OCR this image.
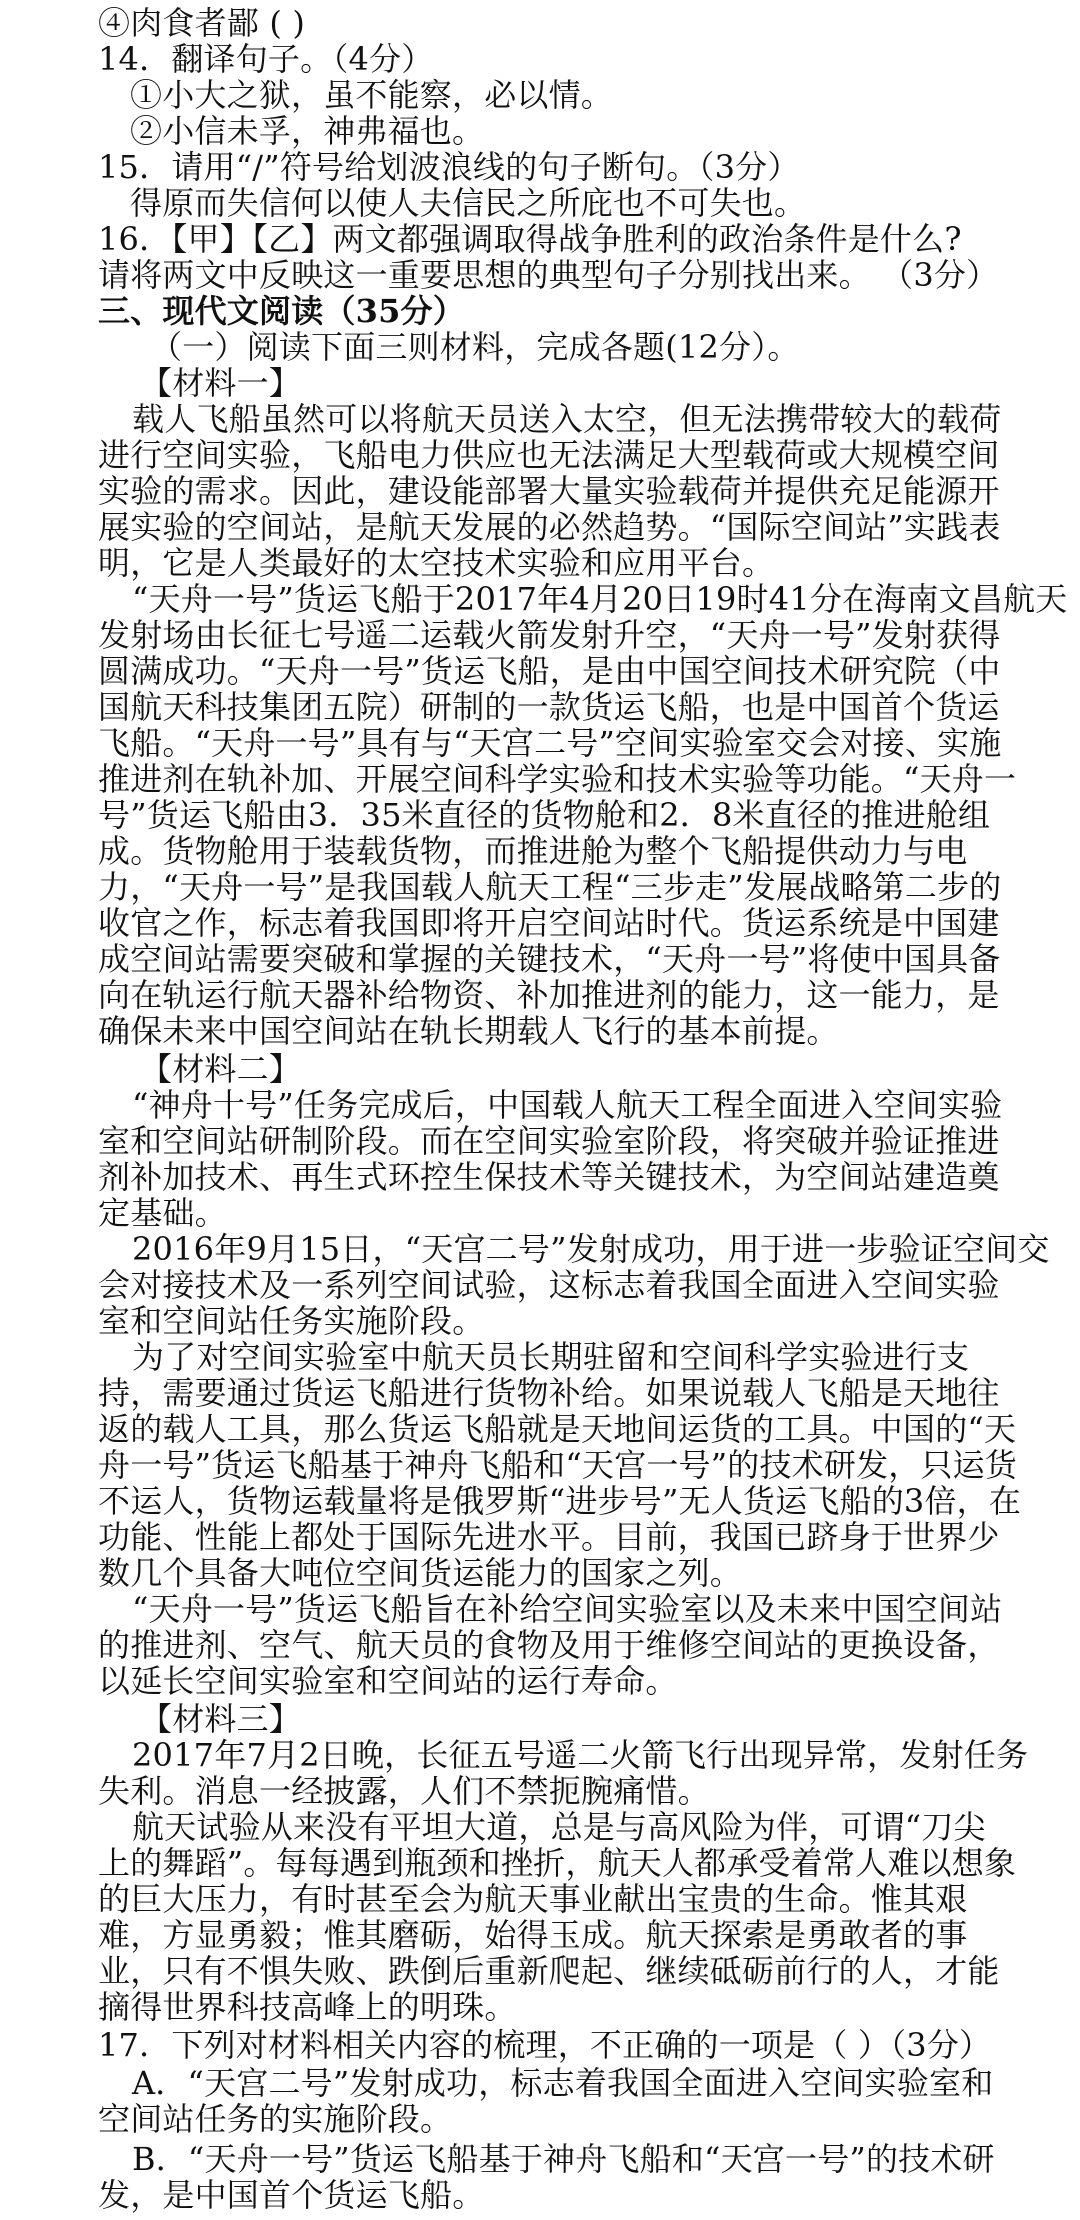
④肉食者鄙 ( )
14．翻译句子。（4分）
①小大之狱，虽不能察，必以情。
②小信未孚，神弗福也。
15．请用“/”符号给划波浪线的句子断句。（3分）
得原而失信何以使人夫信民之所庇也不可失也。
16．【甲】【乙】两文都强调取得战争胜利的政治条件是什么?
请将两文中反映这一重要思想的典型句子分别找出来。 （3分）
三、现代文阅读（35分）
（一）阅读下面三则材料，完成各题(12分）。
【材料一】
载人飞船虽然可以将航天员送入太空，但无法携带较大的载荷
进行空间实验，飞船电力供应也无法满足大型载荷或大规模空间
实验的需求。因此，建设能部署大量实验载荷并提供充足能源开
展实验的空间站，是航天发展的必然趋势。“国际空间站”实践表
明，它是人类最好的太空技术实验和应用平台。
“天舟一号”货运飞船于2017年4月20日19时41分在海南文昌航天
发射场由长征七号遥二运载火箭发射升空，“天舟一号”发射获得
圆满成功。“天舟一号”货运飞船，是由中国空间技术研究院（中
国航天科技集团五院）研制的一款货运飞船，也是中国首个货运
飞船。“天舟一号”具有与“天宫二号”空间实验室交会对接、实施
推进剂在轨补加、开展空间科学实验和技术实验等功能。“天舟一
号”货运飞船由3．35米直径的货物舱和2．8米直径的推进舱组
成。货物舱用于装载货物，而推进舱为整个飞船提供动力与电
力，“天舟一号”是我国载人航天工程“三步走”发展战略第二步的
收官之作，标志着我国即将开启空间站时代。货运系统是中国建
成空间站需要突破和掌握的关键技术，“天舟一号”将使中国具备
向在轨运行航天器补给物资、补加推进剂的能力，这一能力，是
确保未来中国空间站在轨长期载人飞行的基本前提。
【材料二】
“神舟十号”任务完成后，中国载人航天工程全面进入空间实验
室和空间站研制阶段。而在空间实验室阶段，将突破并验证推进
剂补加技术、再生式环控生保技术等关键技术，为空间站建造奠
定基础。
2016年9月15日，“天宫二号”发射成功，用于进一步验证空间交
会对接技术及一系列空间试验，这标志着我国全面进入空间实验
室和空间站任务实施阶段。
为了对空间实验室中航天员长期驻留和空间科学实验进行支
持，需要通过货运飞船进行货物补给。如果说载人飞船是天地往
返的载人工具，那么货运飞船就是天地间运货的工具。中国的“天
舟一号”货运飞船基于神舟飞船和“天宫一号”的技术研发，只运货
不运人，货物运载量将是俄罗斯“进步号”无人货运飞船的3倍，在
功能、性能上都处于国际先进水平。目前，我国已跻身于世界少
数几个具备大吨位空间货运能力的国家之列。
“天舟一号”货运飞船旨在补给空间实验室以及未来中国空间站
的推进剂、空气、航天员的食物及用于维修空间站的更换设备，
以延长空间实验室和空间站的运行寿命。
【材料三】
2017年7月2日晚，长征五号遥二火箭飞行出现异常，发射任务
失利。消息一经披露，人们不禁扼腕痛惜。
航天试验从来没有平坦大道，总是与高风险为伴，可谓“刀尖
上的舞蹈”。每每遇到瓶颈和挫折，航天人都承受着常人难以想象
的巨大压力，有时甚至会为航天事业献出宝贵的生命。惟其艰
难，方显勇毅；惟其磨砺，始得玉成。航天探索是勇敢者的事
业，只有不惧失败、跌倒后重新爬起、继续砥砺前行的人，才能
摘得世界科技高峰上的明珠。
17．下列对材料相关内容的梳理，不正确的一项是（ ）（3分）
A．“天宫二号”发射成功，标志着我国全面进入空间实验室和
空间站任务的实施阶段。
B．“天舟一号”货运飞船基于神舟飞船和“天宫一号”的技术研
发，是中国首个货运飞船。
